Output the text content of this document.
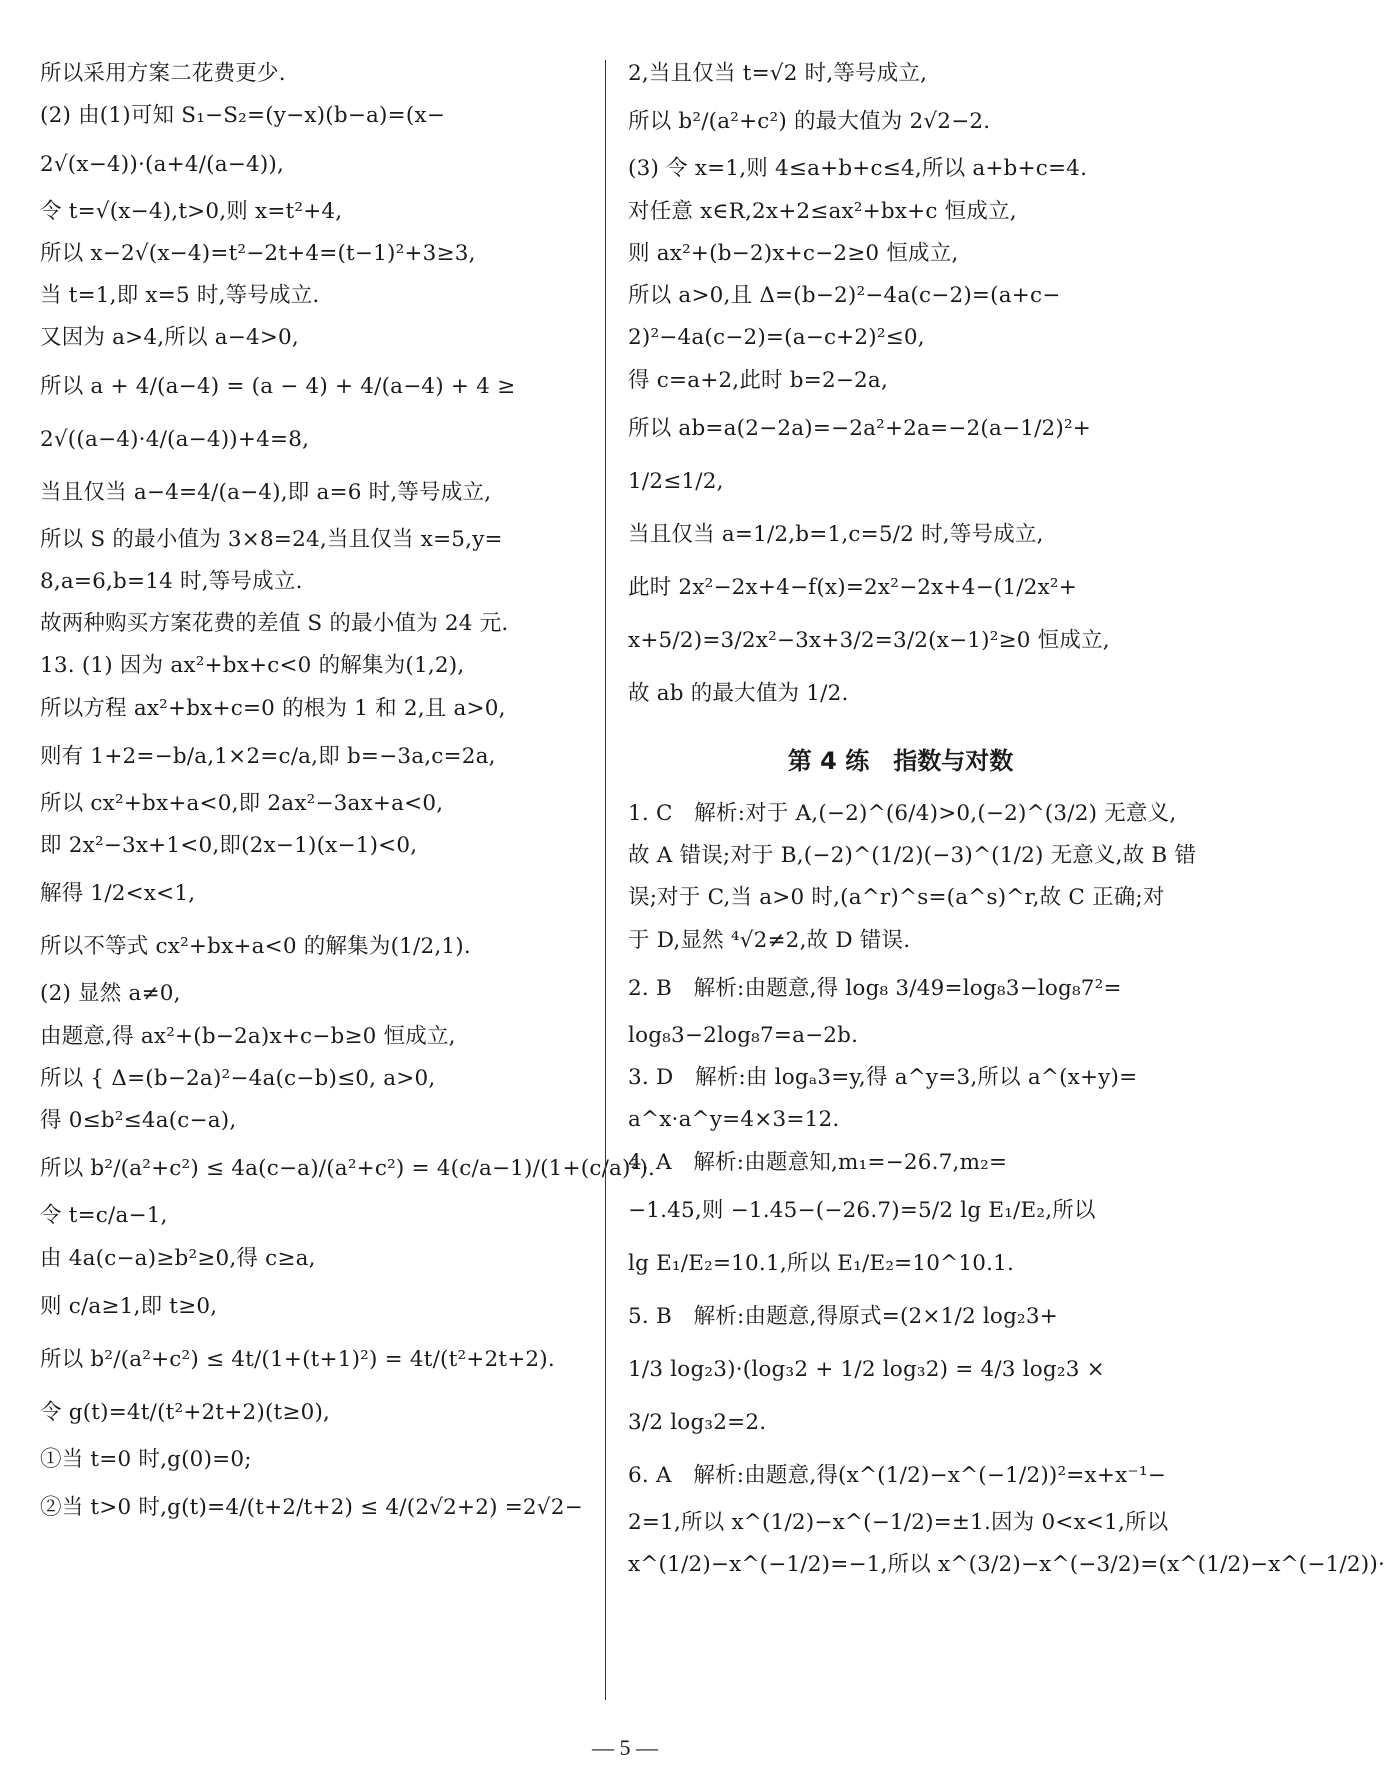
所以采用方案二花费更少.
(2) 由(1)可知 S₁−S₂=(y−x)(b−a)=(x−
2√(x−4))·(a+4/(a−4)),
令 t=√(x−4),t>0,则 x=t²+4,
所以 x−2√(x−4)=t²−2t+4=(t−1)²+3≥3,
当 t=1,即 x=5 时,等号成立.
又因为 a>4,所以 a−4>0,
所以 a + 4/(a−4) = (a − 4) + 4/(a−4) + 4 ≥
2√((a−4)·4/(a−4))+4=8,
当且仅当 a−4=4/(a−4),即 a=6 时,等号成立,
所以 S 的最小值为 3×8=24,当且仅当 x=5,y=
8,a=6,b=14 时,等号成立.
故两种购买方案花费的差值 S 的最小值为 24 元.
13. (1) 因为 ax²+bx+c<0 的解集为(1,2),
所以方程 ax²+bx+c=0 的根为 1 和 2,且 a>0,
则有 1+2=−b/a,1×2=c/a,即 b=−3a,c=2a,
所以 cx²+bx+a<0,即 2ax²−3ax+a<0,
即 2x²−3x+1<0,即(2x−1)(x−1)<0,
解得 1/2<x<1,
所以不等式 cx²+bx+a<0 的解集为(1/2,1).
(2) 显然 a≠0,
由题意,得 ax²+(b−2a)x+c−b≥0 恒成立,
所以 { Δ=(b−2a)²−4a(c−b)≤0, a>0,
得 0≤b²≤4a(c−a),
所以 b²/(a²+c²) ≤ 4a(c−a)/(a²+c²) = 4(c/a−1)/(1+(c/a)²).
令 t=c/a−1,
由 4a(c−a)≥b²≥0,得 c≥a,
则 c/a≥1,即 t≥0,
所以 b²/(a²+c²) ≤ 4t/(1+(t+1)²) = 4t/(t²+2t+2).
令 g(t)=4t/(t²+2t+2)(t≥0),
①当 t=0 时,g(0)=0;
②当 t>0 时,g(t)=4/(t+2/t+2) ≤ 4/(2√2+2) =2√2−
2,当且仅当 t=√2 时,等号成立,
所以 b²/(a²+c²) 的最大值为 2√2−2.
(3) 令 x=1,则 4≤a+b+c≤4,所以 a+b+c=4.
对任意 x∈R,2x+2≤ax²+bx+c 恒成立,
则 ax²+(b−2)x+c−2≥0 恒成立,
所以 a>0,且 Δ=(b−2)²−4a(c−2)=(a+c−
2)²−4a(c−2)=(a−c+2)²≤0,
得 c=a+2,此时 b=2−2a,
所以 ab=a(2−2a)=−2a²+2a=−2(a−1/2)²+
1/2≤1/2,
当且仅当 a=1/2,b=1,c=5/2 时,等号成立,
此时 2x²−2x+4−f(x)=2x²−2x+4−(1/2x²+
x+5/2)=3/2x²−3x+3/2=3/2(x−1)²≥0 恒成立,
故 ab 的最大值为 1/2.
第 4 练　指数与对数
1. C　解析:对于 A,(−2)^(6/4)>0,(−2)^(3/2) 无意义,
故 A 错误;对于 B,(−2)^(1/2)(−3)^(1/2) 无意义,故 B 错
误;对于 C,当 a>0 时,(a^r)^s=(a^s)^r,故 C 正确;对
于 D,显然 ⁴√2≠2,故 D 错误.
2. B　解析:由题意,得 log₈ 3/49=log₈3−log₈7²=
log₈3−2log₈7=a−2b.
3. D　解析:由 logₐ3=y,得 a^y=3,所以 a^(x+y)=
a^x·a^y=4×3=12.
4. A　解析:由题意知,m₁=−26.7,m₂=
−1.45,则 −1.45−(−26.7)=5/2 lg E₁/E₂,所以
lg E₁/E₂=10.1,所以 E₁/E₂=10^10.1.
5. B　解析:由题意,得原式=(2×1/2 log₂3+
1/3 log₂3)·(log₃2 + 1/2 log₃2) = 4/3 log₂3 ×
3/2 log₃2=2.
6. A　解析:由题意,得(x^(1/2)−x^(−1/2))²=x+x⁻¹−
2=1,所以 x^(1/2)−x^(−1/2)=±1.因为 0<x<1,所以
x^(1/2)−x^(−1/2)=−1,所以 x^(3/2)−x^(−3/2)=(x^(1/2)−x^(−1/2))·
— 5 —
